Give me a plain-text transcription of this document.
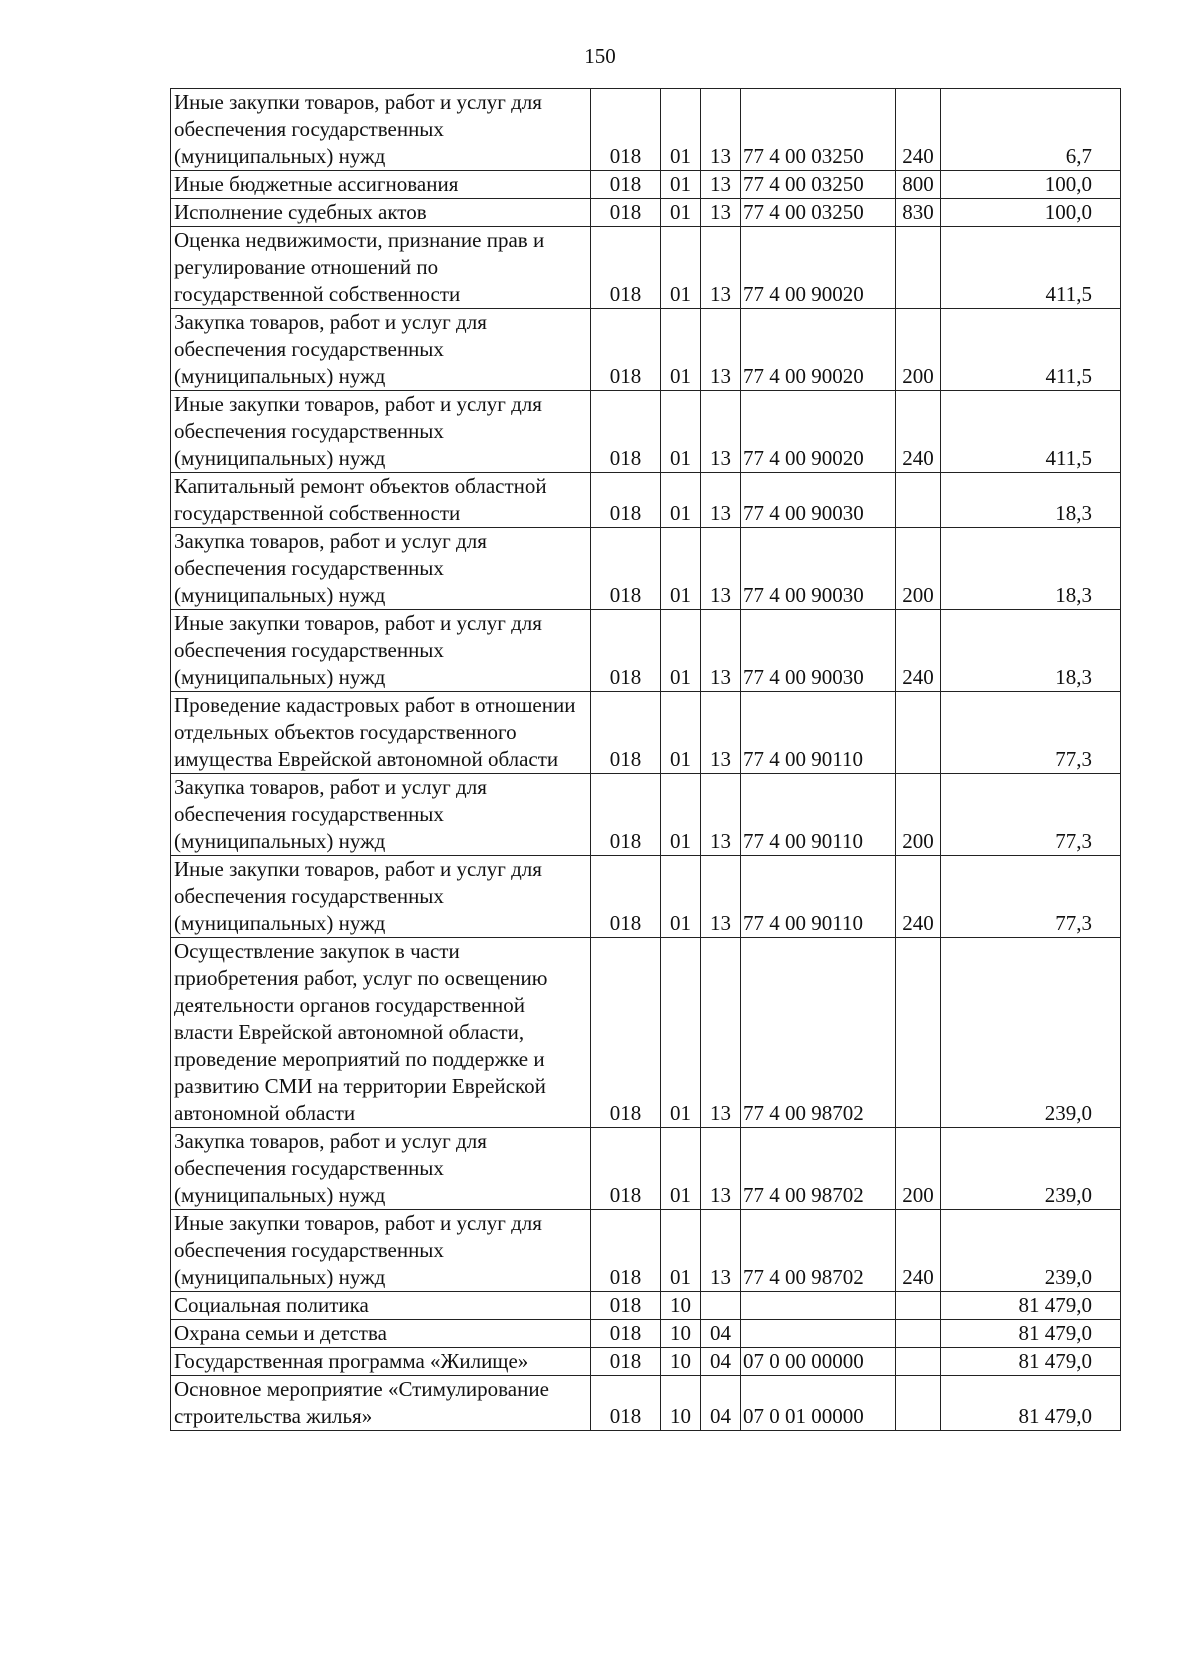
150
Иные закупки товаров, работ и услуг для обеспечения государственных (муниципальных) нужд	018	01	13	77 4 00 03250	240	6,7
Иные бюджетные ассигнования	018	01	13	77 4 00 03250	800	100,0
Исполнение судебных актов	018	01	13	77 4 00 03250	830	100,0
Оценка недвижимости, признание прав и регулирование отношений по государственной собственности	018	01	13	77 4 00 90020		411,5
Закупка товаров, работ и услуг для обеспечения государственных (муниципальных) нужд	018	01	13	77 4 00 90020	200	411,5
Иные закупки товаров, работ и услуг для обеспечения государственных (муниципальных) нужд	018	01	13	77 4 00 90020	240	411,5
Капитальный ремонт объектов областной государственной собственности	018	01	13	77 4 00 90030		18,3
Закупка товаров, работ и услуг для обеспечения государственных (муниципальных) нужд	018	01	13	77 4 00 90030	200	18,3
Иные закупки товаров, работ и услуг для обеспечения государственных (муниципальных) нужд	018	01	13	77 4 00 90030	240	18,3
Проведение кадастровых работ в отношении отдельных объектов государственного имущества Еврейской автономной области	018	01	13	77 4 00 90110		77,3
Закупка товаров, работ и услуг для обеспечения государственных (муниципальных) нужд	018	01	13	77 4 00 90110	200	77,3
Иные закупки товаров, работ и услуг для обеспечения государственных (муниципальных) нужд	018	01	13	77 4 00 90110	240	77,3
Осуществление закупок в части приобретения работ, услуг по освещению деятельности органов государственной власти Еврейской автономной области, проведение мероприятий по поддержке и развитию СМИ на территории Еврейской автономной области	018	01	13	77 4 00 98702		239,0
Закупка товаров, работ и услуг для обеспечения государственных (муниципальных) нужд	018	01	13	77 4 00 98702	200	239,0
Иные закупки товаров, работ и услуг для обеспечения государственных (муниципальных) нужд	018	01	13	77 4 00 98702	240	239,0
Социальная политика	018	10				81 479,0
Охрана семьи и детства	018	10	04			81 479,0
Государственная программа «Жилище»	018	10	04	07 0 00 00000		81 479,0
Основное мероприятие «Стимулирование строительства жилья»	018	10	04	07 0 01 00000		81 479,0
